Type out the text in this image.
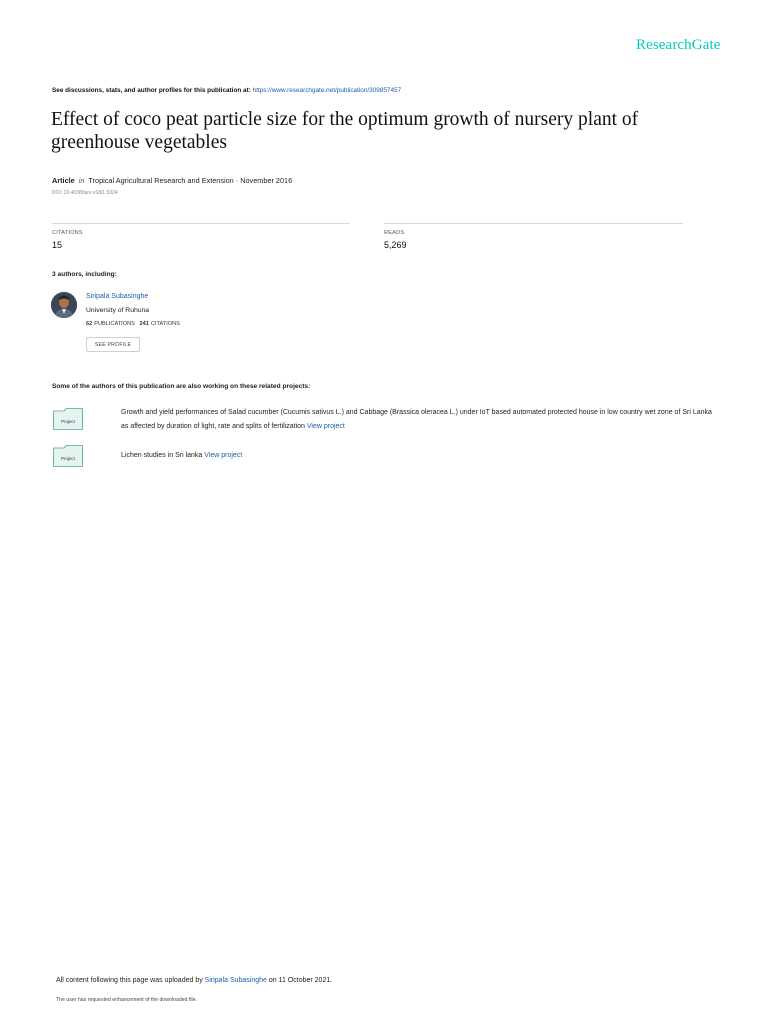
ResearchGate
See discussions, stats, and author profiles for this publication at: https://www.researchgate.net/publication/309857457
Effect of coco peat particle size for the optimum growth of nursery plant of greenhouse vegetables
Article in Tropical Agricultural Research and Extension · November 2016
DOI: 10.4038/tare.v18i1.5324
CITATIONS
15
READS
5,269
3 authors, including:
Siripala Subasinghe
University of Ruhuna
62 PUBLICATIONS 241 CITATIONS
SEE PROFILE
Some of the authors of this publication are also working on these related projects:
Project
Growth and yield performances of Salad cucumber (Cucumis sativus L.) and Cabbage (Brassica oleracea L.) under IoT based automated protected house in low country wet zone of Sri Lanka as affected by duration of light, rate and splits of fertilization View project
Project	Lichen studies in Sri lanka View project
All content following this page was uploaded by Siripala Subasinghe on 11 October 2021.
The user has requested enhancement of the downloaded file.
